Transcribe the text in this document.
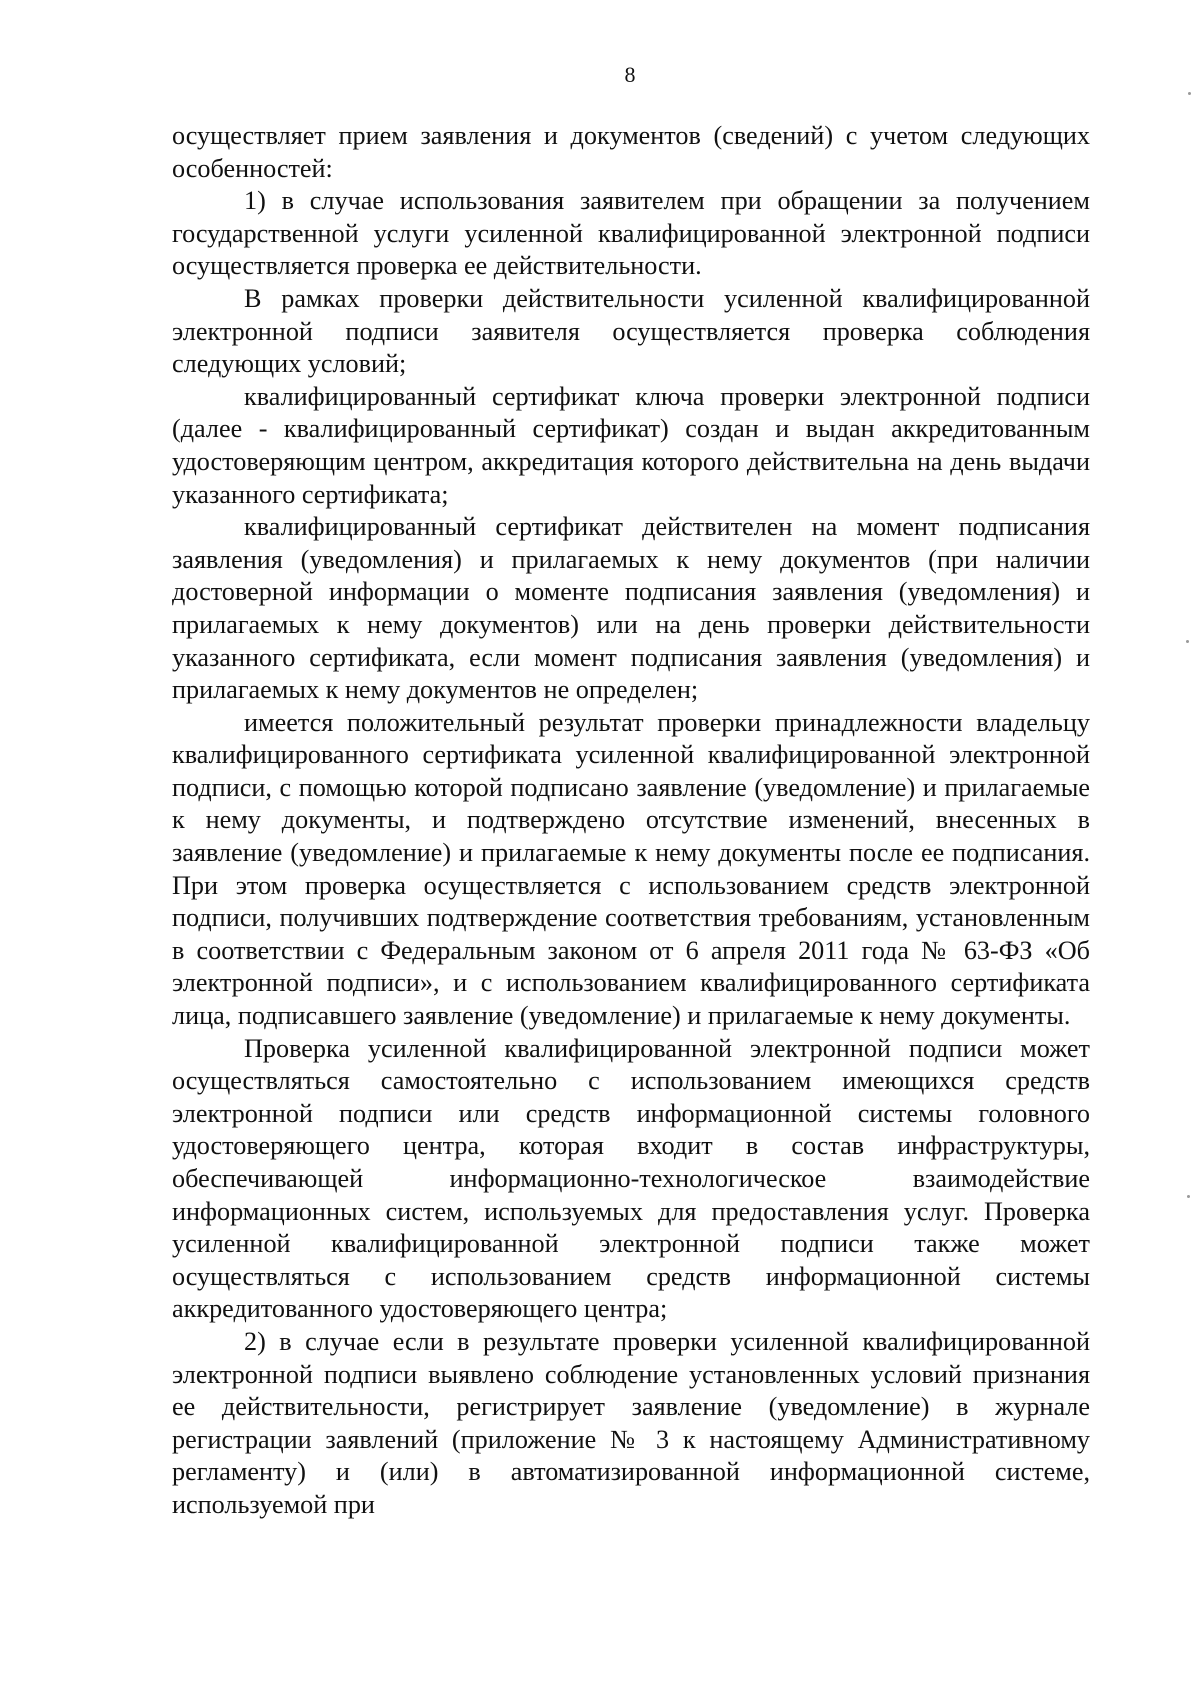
8

осуществляет прием заявления и документов (сведений) с учетом следующих особенностей:

1) в случае использования заявителем при обращении за получением государственной услуги усиленной квалифицированной электронной подписи осуществляется проверка ее действительности.

В рамках проверки действительности усиленной квалифицированной электронной подписи заявителя осуществляется проверка соблюдения следующих условий;

квалифицированный сертификат ключа проверки электронной подписи (далее - квалифицированный сертификат) создан и выдан аккредитованным удостоверяющим центром, аккредитация которого действительна на день выдачи указанного сертификата;

квалифицированный сертификат действителен на момент подписания заявления (уведомления) и прилагаемых к нему документов (при наличии достоверной информации о моменте подписания заявления (уведомления) и прилагаемых к нему документов) или на день проверки действительности указанного сертификата, если момент подписания заявления (уведомления) и прилагаемых к нему документов не определен;

имеется положительный результат проверки принадлежности владельцу квалифицированного сертификата усиленной квалифицированной электронной подписи, с помощью которой подписано заявление (уведомление) и прилагаемые к нему документы, и подтверждено отсутствие изменений, внесенных в заявление (уведомление) и прилагаемые к нему документы после ее подписания. При этом проверка осуществляется с использованием средств электронной подписи, получивших подтверждение соответствия требованиям, установленным в соответствии с Федеральным законом от 6 апреля 2011 года № 63-ФЗ «Об электронной подписи», и с использованием квалифицированного сертификата лица, подписавшего заявление (уведомление) и прилагаемые к нему документы.

Проверка усиленной квалифицированной электронной подписи может осуществляться самостоятельно с использованием имеющихся средств электронной подписи или средств информационной системы головного удостоверяющего центра, которая входит в состав инфраструктуры, обеспечивающей информационно-технологическое взаимодействие информационных систем, используемых для предоставления услуг. Проверка усиленной квалифицированной электронной подписи также может осуществляться с использованием средств информационной системы аккредитованного удостоверяющего центра;

2) в случае если в результате проверки усиленной квалифицированной электронной подписи выявлено соблюдение установленных условий признания ее действительности, регистрирует заявление (уведомление) в журнале регистрации заявлений (приложение № 3 к настоящему Административному регламенту) и (или) в автоматизированной информационной системе, используемой при
